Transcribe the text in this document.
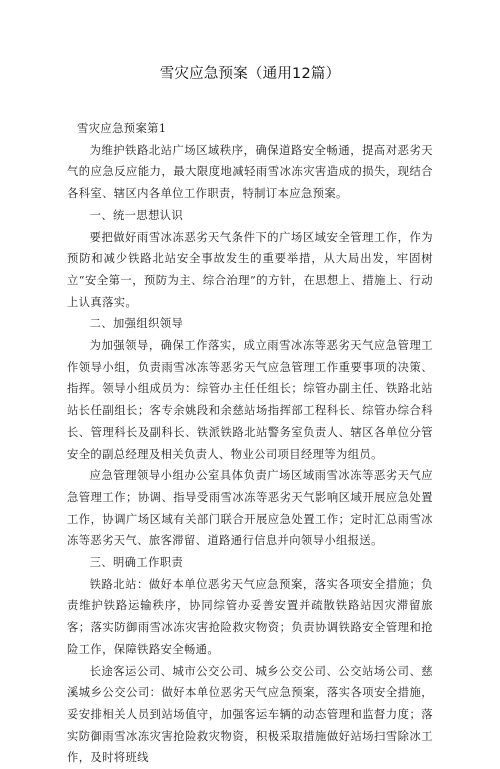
雪灾应急预案（通用12篇）

雪灾应急预案第1

为维护铁路北站广场区域秩序，确保道路安全畅通，提高对恶劣天气的应急反应能力，最大限度地减轻雨雪冰冻灾害造成的损失，现结合各科室、辖区内各单位工作职责，特制订本应急预案。

一、统一思想认识

要把做好雨雪冰冻恶劣天气条件下的广场区域安全管理工作，作为预防和减少铁路北站安全事故发生的重要举措，从大局出发，牢固树立“安全第一，预防为主、综合治理”的方针，在思想上、措施上、行动上认真落实。

二、加强组织领导

为加强领导，确保工作落实，成立雨雪冰冻等恶劣天气应急管理工作领导小组，负责雨雪冰冻等恶劣天气应急管理工作重要事项的决策、指挥。领导小组成员为：综管办主任任组长；综管办副主任、铁路北站站长任副组长；客专余姚段和余慈站场指挥部工程科长、综管办综合科长、管理科长及副科长、铁派铁路北站警务室负责人、辖区各单位分管安全的副总经理及相关负责人、物业公司项目经理等为组员。

应急管理领导小组办公室具体负责广场区域雨雪冰冻等恶劣天气应急管理工作；协调、指导受雨雪冰冻等恶劣天气影响区域开展应急处置工作，协调广场区域有关部门联合开展应急处置工作；定时汇总雨雪冰冻等恶劣天气、旅客滞留、道路通行信息并向领导小组报送。

三、明确工作职责

铁路北站：做好本单位恶劣天气应急预案，落实各项安全措施；负责维护铁路运输秩序，协同综管办妥善安置并疏散铁路站因灾滞留旅客；落实防御雨雪冰冻灾害抢险救灾物资；负责协调铁路安全管理和抢险工作，保障铁路安全畅通。

长途客运公司、城市公交公司、城乡公交公司、公交站场公司、慈溪城乡公交公司：做好本单位恶劣天气应急预案，落实各项安全措施，妥安排相关人员到站场值守，加强客运车辆的动态管理和监督力度；落实防御雨雪冰冻灾害抢险救灾物资，积极采取措施做好站场扫雪除冰工作，及时将班线
